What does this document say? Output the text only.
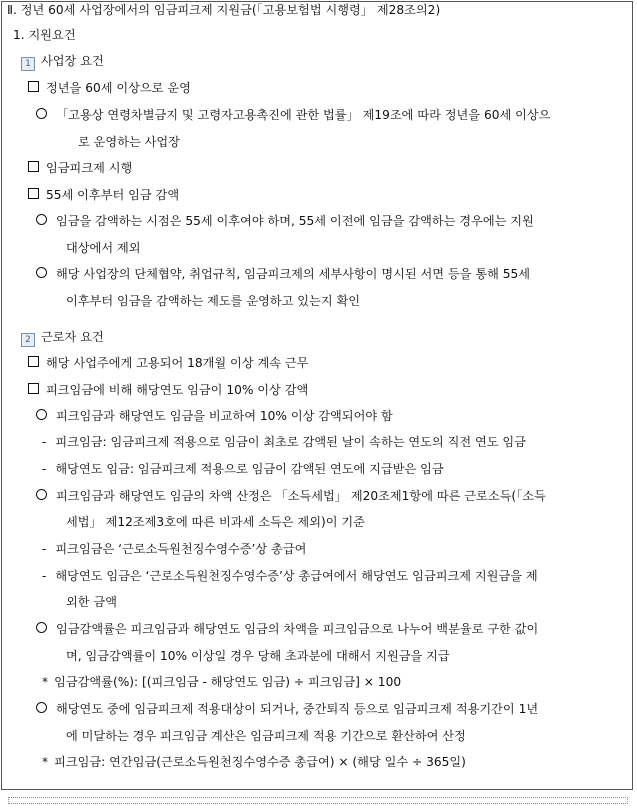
Ⅱ. 정년 60세 사업장에서의 임금피크제 지원금(「고용보험법 시행령」 제28조의2)
1. 지원요건
1 사업장 요건
정년을 60세 이상으로 운영
「고용상 연령차별금지 및 고령자고용촉진에 관한 법률」 제19조에 따라 정년을 60세 이상으
로 운영하는 사업장
임금피크제 시행
55세 이후부터 임금 감액
임금을 감액하는 시점은 55세 이후여야 하며, 55세 이전에 임금을 감액하는 경우에는 지원
대상에서 제외
해당 사업장의 단체협약, 취업규칙, 임금피크제의 세부사항이 명시된 서면 등을 통해 55세
이후부터 임금을 감액하는 제도를 운영하고 있는지 확인
2 근로자 요건
해당 사업주에게 고용되어 18개월 이상 계속 근무
피크임금에 비해 해당연도 임금이 10% 이상 감액
피크임금과 해당연도 임금을 비교하여 10% 이상 감액되어야 함
- 피크임금: 임금피크제 적용으로 임금이 최초로 감액된 날이 속하는 연도의 직전 연도 임금
- 해당연도 임금: 임금피크제 적용으로 임금이 감액된 연도에 지급받은 임금
피크임금과 해당연도 임금의 차액 산정은 「소득세법」 제20조제1항에 따른 근로소득(「소득
세법」 제12조제3호에 따른 비과세 소득은 제외)이 기준
- 피크임금은 ‘근로소득원천징수영수증’상 총급여
- 해당연도 임금은 ‘근로소득원천징수영수증’상 총급여에서 해당연도 임금피크제 지원금을 제
외한 금액
임금감액률은 피크임금과 해당연도 임금의 차액을 피크임금으로 나누어 백분율로 구한 값이
며, 임금감액률이 10% 이상일 경우 당해 초과분에 대해서 지원금을 지급
* 임금감액률(%): [(피크임금 - 해당연도 임금) ÷ 피크임금] × 100
해당연도 중에 임금피크제 적용대상이 되거나, 중간퇴직 등으로 임금피크제 적용기간이 1년
에 미달하는 경우 피크임금 계산은 임금피크제 적용 기간으로 환산하여 산정
* 피크임금: 연간임금(근로소득원천징수영수증 총급여) × (해당 일수 ÷ 365일)
